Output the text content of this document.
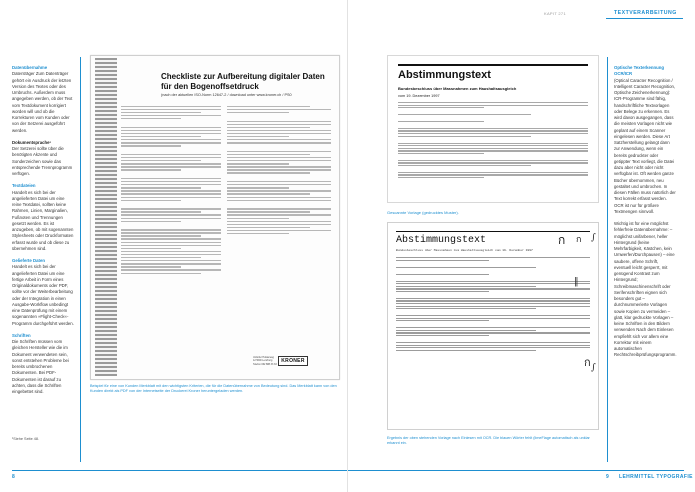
KAPIT 271	TEXTVERARBEITUNG

Datenübernahme
Datenträger Zum Datenträger gehört ein Ausdruck der letzten Version des Textes oder des Umbruchs. Außerdem muss angegeben werden, ob der Text vom Textdokument korrigiert worden will und ob die Korrekturen vom Kunden oder von der Setzerei ausgeführt werden.

Dokumentsprache¹
Der Setzerei sollte über die benötigten Akzente und Sonderzeichen sowie das entsprechende Trennprogramm verfügen.

Textdateien
Handelt es sich bei der angelieferten Datei um eine reine Textdatei, sollten keine Rahmen, Linien, Marginalien, Fußnoten und Trennungen gesetzt werden. Es ist anzugeben, ob mit sogenannten Stylesheets oder Druckformaten erfasst wurde und ob diese zu übernehmen sind.

Gelieferte Daten
Handelt es sich bei der angelieferten Datei um eine fertige Arbeit in Form eines Originaldokuments oder PDF, sollte vor der Weiterbearbeitung oder der Integration in einen Ausgabe-Workflow unbedingt eine Datenprüfung mit einem sogenannten »Flight-Check«-Programm durchgeführt werden.

Schriften
Die Schriften müssen vom gleichen Hersteller wie die im Dokument verwendeten sein, sonst entstehen Probleme bei bereits umbrochenen Dokumenten. Bei PDF-Dokumenten ist darauf zu achten, dass die Schriften eingebettet sind.

¹Siehe Seite 48.
Checkliste zur Aufbereitung digitaler Daten für den Bogenoffsetdruck
(nach der aktuellen ISO-Norm 12647-2 / download unter www.kroner.ch / PS0
Urdorfer Holderweg 12 5600 Lenzburg Telefon 062 888 33 33
KRONER
Beispiel für eine von Kunden Merkblatt mit den wichtigsten Kriterien, die für die Datenübernahme von Bedeutung sind. Das Merkblatt kann von den Kunden direkt als PDF von der Internetseite der Druckerei Kroner heruntergeladen werden.
Abstimmungstext
Bundesbeschluss über Massnahmen zum Haushaltsausgleich
vom 19. Dezember 1997
Gescannte Vorlage (gedrucktes Muster).
Abstimmungstext
Bundesbeschluss über Massnahmen zum Haushaltsausgleich vom 19. Dezember 1997
ก ก ∫
‖
ก ∫
Ergebnis der oben stehenden Vorlage nach Einlesen mit OCR. Die blauen Wörter fehlt (limeFlage automatisch als unklar erkannt ein.

Optische Texterkennung OCR/ICR
(Optical Caracter Recognition / Intelligent Caracter Recognition, Optische Zeichenerkennung): ICR-Programme sind fähig, handschriftliche Textvorlagen oder Belege zu erkennen. Es wird davon ausgegangen, dass die meisten Vorlagen nicht wie geplant auf einem Scanner eingelesen werden. Diese Art Satzherstellung gelangt dann zur Anwendung, wenn ein bereits gedruckter oder getippter Text vorliegt, die Datei dazu aber nicht oder nicht verfügbar ist. Oft werden ganze Bücher übernommen, neu gestaltet und umbrochen. In diesen Fällen muss natürlich der Text korrekt erfasst werden. OCR ist nur für größere Textmengen sinnvoll.

Wichtig ist für eine möglichst fehlerfreie Datenübernahme: – möglichst unifarbener, heller Hintergrund (keine Mehrfarbigkeit, Kästchen, kein Umwerfen/Durchpausen) – eine saubere, offene Schrift, eventuell leicht gesperrt, mit genügend Kontrast zum Hintergrund; Schreibmaschinenschrift oder Serifenschriften eignen sich besonders gut – durchnummerierte Vorlagen sowie Kopien zu vermeiden – glatt, klar gedruckte Vorlagen – keine Schriften in den Bildern verwenden Nach dem Einlesen empfiehlt sich vor allem eine Korrektur mit einem automatischen Rechtschreibprüfungsprogramm.

8	9 LEHRMITTEL TYPOGRAFIE
